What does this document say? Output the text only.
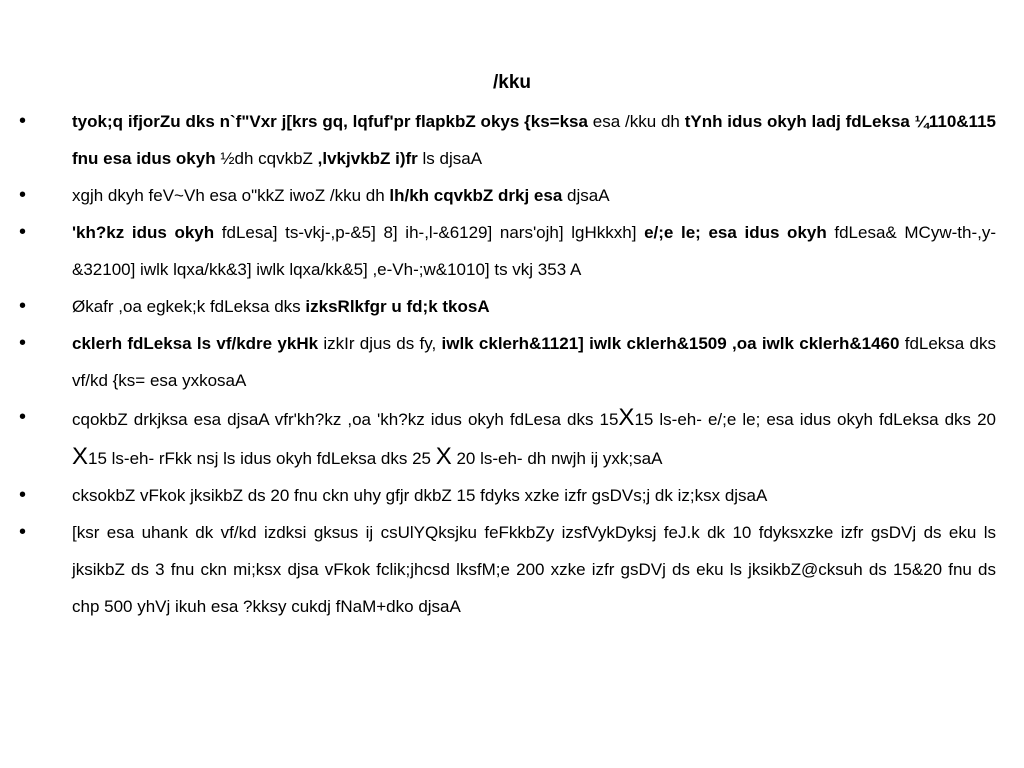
/kku
•	tyok;q ifjorZu dks n`f"Vxr j[krs gq, lqfuf'pr flapkbZ okys {ks=ksa esa /kku dh tYnh idus okyh ladj fdLeksa ¼110&115 fnu esa idus okyh ½dh cqvkbZ ,lvkjvkbZ i)fr ls djsaA
•	xgjh dkyh feV~Vh esa o"kkZ iwoZ /kku dh lh/kh cqvkbZ drkj esa djsaA
•	'kh?kz idus okyh fdLesa] ts-vkj-,p-&5] 8] ih-,l-&6129] nars'ojh] lgHkkxh] e/;e le; esa idus okyh fdLesa& MCyw-th-,y-&32100] iwlk lqxa/kk&3] iwlk lqxa/kk&5] ,e-Vh-;w&1010] ts vkj 353 A
•	Økafr ,oa egkek;k fdLeksa dks izksRlkfgr u fd;k tkosA
•	cklerh fdLeksa ls vf/kdre ykHk izkIr djus ds fy, iwlk cklerh&1121] iwlk cklerh&1509 ,oa iwlk cklerh&1460 fdLeksa dks vf/kd {ks= esa yxkosaA
•	cqokbZ drkjksa esa djsaA vfr'kh?kz ,oa 'kh?kz idus okyh fdLesa dks 15X15 ls-eh- e/;e le; esa idus okyh fdLeksa dks 20 X15 ls-eh- rFkk nsj ls idus okyh fdLeksa dks 25 X 20 ls-eh- dh nwjh ij yxk;saA
•	cksokbZ vFkok jksikbZ ds 20 fnu ckn uhy gfjr dkbZ 15 fdyks xzke izfr gsDVs;j dk iz;ksx djsaA
•	[ksr esa uhank dk vf/kd izdksi gksus ij csUlYQksjku feFkkbZy izsfVykDyksj feJ.k dk 10 fdyksxzke izfr gsDVj ds eku ls jksikbZ ds 3 fnu ckn mi;ksx djsa vFkok fclik;jhcsd lksfM;e 200 xzke izfr gsDVj ds eku ls jksikbZ@cksuh ds 15&20 fnu ds chp 500 yhVj ikuh esa ?kksy cukdj fNaM+dko djsaA
